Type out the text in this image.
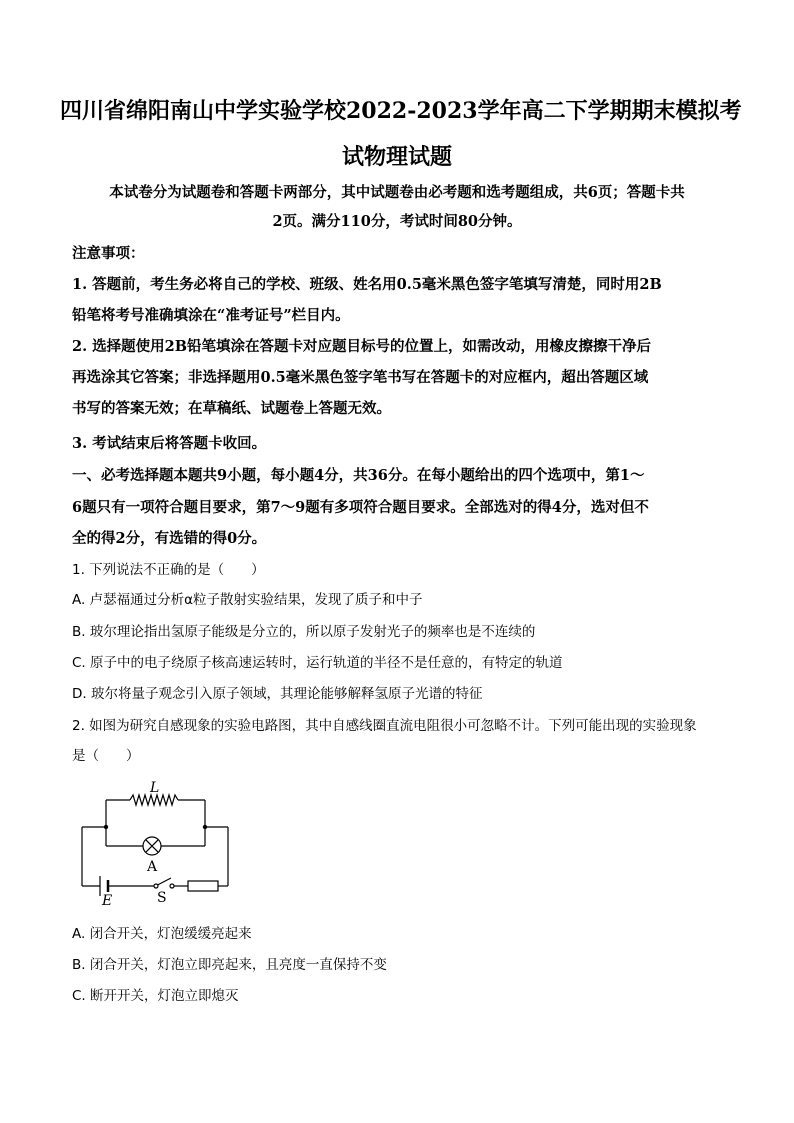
四川省绵阳南山中学实验学校2022-2023学年高二下学期期末模拟考
试物理试题
本试卷分为试题卷和答题卡两部分，其中试题卷由必考题和选考题组成，共6页；答题卡共
2页。满分110分，考试时间80分钟。
注意事项：
1. 答题前，考生务必将自己的学校、班级、姓名用0.5毫米黑色签字笔填写清楚，同时用2B
铅笔将考号准确填涂在“准考证号”栏目内。
2. 选择题使用2B铅笔填涂在答题卡对应题目标号的位置上，如需改动，用橡皮擦擦干净后
再选涂其它答案；非选择题用0.5毫米黑色签字笔书写在答题卡的对应框内，超出答题区域
书写的答案无效；在草稿纸、试题卷上答题无效。
3. 考试结束后将答题卡收回。
一、必考选择题本题共9小题，每小题4分，共36分。在每小题给出的四个选项中，第1～
6题只有一项符合题目要求，第7～9题有多项符合题目要求。全部选对的得4分，选对但不
全的得2分，有选错的得0分。
1. 下列说法不正确的是（　　）
A. 卢瑟福通过分析α粒子散射实验结果，发现了质子和中子
B. 玻尔理论指出氢原子能级是分立的，所以原子发射光子的频率也是不连续的
C. 原子中的电子绕原子核高速运转时，运行轨道的半径不是任意的，有特定的轨道
D. 玻尔将量子观念引入原子领域，其理论能够解释氢原子光谱的特征
2. 如图为研究自感现象的实验电路图，其中自感线圈直流电阻很小可忽略不计。下列可能出现的实验现象
是（　　）
L
A
E	S
A. 闭合开关，灯泡缓缓亮起来
B. 闭合开关，灯泡立即亮起来，且亮度一直保持不变
C. 断开开关，灯泡立即熄灭
